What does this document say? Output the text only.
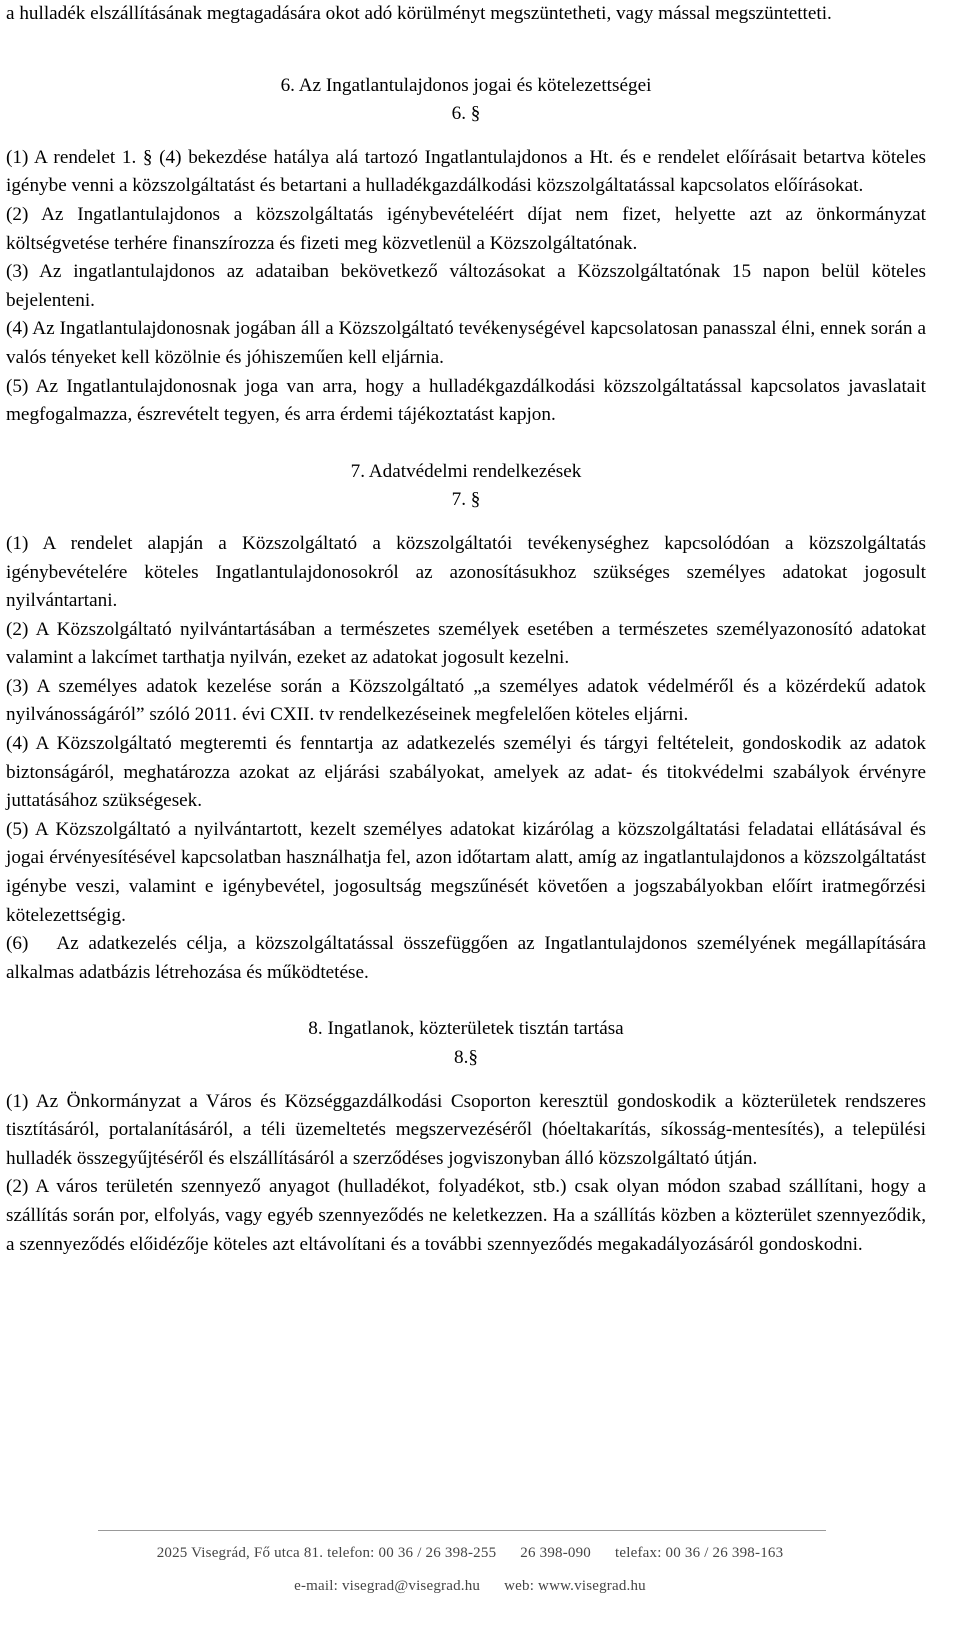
a hulladék elszállításának megtagadására okot adó körülményt megszüntetheti, vagy mással megszüntetteti.

6. Az Ingatlantulajdonos jogai és kötelezettségei

6. §

(1) A rendelet 1. § (4) bekezdése hatálya alá tartozó Ingatlantulajdonos a Ht. és e rendelet előírásait betartva köteles igénybe venni a közszolgáltatást és betartani a hulladékgazdálkodási közszolgáltatással kapcsolatos előírásokat.

(2) Az Ingatlantulajdonos a közszolgáltatás igénybevételéért díjat nem fizet, helyette azt az önkormányzat költségvetése terhére finanszírozza és fizeti meg közvetlenül a Közszolgáltatónak.

(3) Az ingatlantulajdonos az adataiban bekövetkező változásokat a Közszolgáltatónak 15 napon belül köteles bejelenteni.

(4) Az Ingatlantulajdonosnak jogában áll a Közszolgáltató tevékenységével kapcsolatosan panasszal élni, ennek során a valós tényeket kell közölnie és jóhiszeműen kell eljárnia.

(5) Az Ingatlantulajdonosnak joga van arra, hogy a hulladékgazdálkodási közszolgáltatással kapcsolatos javaslatait megfogalmazza, észrevételt tegyen, és arra érdemi tájékoztatást kapjon.

7. Adatvédelmi rendelkezések

7. §

(1) A rendelet alapján a Közszolgáltató a közszolgáltatói tevékenységhez kapcsolódóan a közszolgáltatás igénybevételére köteles Ingatlantulajdonosokról az azonosításukhoz szükséges személyes adatokat jogosult nyilvántartani.

(2) A Közszolgáltató nyilvántartásában a természetes személyek esetében a természetes személyazonosító adatokat valamint a lakcímet tarthatja nyilván, ezeket az adatokat jogosult kezelni.

(3) A személyes adatok kezelése során a Közszolgáltató „a személyes adatok védelméről és a közérdekű adatok nyilvánosságáról” szóló 2011. évi CXII. tv rendelkezéseinek megfelelően köteles eljárni.

(4) A Közszolgáltató megteremti és fenntartja az adatkezelés személyi és tárgyi feltételeit, gondoskodik az adatok biztonságáról, meghatározza azokat az eljárási szabályokat, amelyek az adat- és titokvédelmi szabályok érvényre juttatásához szükségesek.

(5) A Közszolgáltató a nyilvántartott, kezelt személyes adatokat kizárólag a közszolgáltatási feladatai ellátásával és jogai érvényesítésével kapcsolatban használhatja fel, azon időtartam alatt, amíg az ingatlantulajdonos a közszolgáltatást igénybe veszi, valamint e igénybevétel, jogosultság megszűnését követően a jogszabályokban előírt iratmegőrzési kötelezettségig.

(6)   Az adatkezelés célja, a közszolgáltatással összefüggően az Ingatlantulajdonos személyének megállapítására alkalmas adatbázis létrehozása és működtetése.

8. Ingatlanok, közterületek tisztán tartása

8.§

(1) Az Önkormányzat a Város és Községgazdálkodási Csoporton keresztül gondoskodik a közterületek rendszeres tisztításáról, portalanításáról, a téli üzemeltetés megszervezéséről (hóeltakarítás, síkosság-mentesítés), a települési hulladék összegyűjtéséről és elszállításáról a szerződéses jogviszonyban álló közszolgáltató útján.

(2) A város területén szennyező anyagot (hulladékot, folyadékot, stb.) csak olyan módon szabad szállítani, hogy a szállítás során por, elfolyás, vagy egyéb szennyeződés ne keletkezzen. Ha a szállítás közben a közterület szennyeződik, a szennyeződés előidézője köteles azt eltávolítani és a további szennyeződés megakadályozásáról gondoskodni.

2025 Visegrád, Fő utca 81. telefon: 00 36 / 26 398-255 26 398-090 telefax: 00 36 / 26 398-163
e-mail: visegrad@visegrad.hu web: www.visegrad.hu
